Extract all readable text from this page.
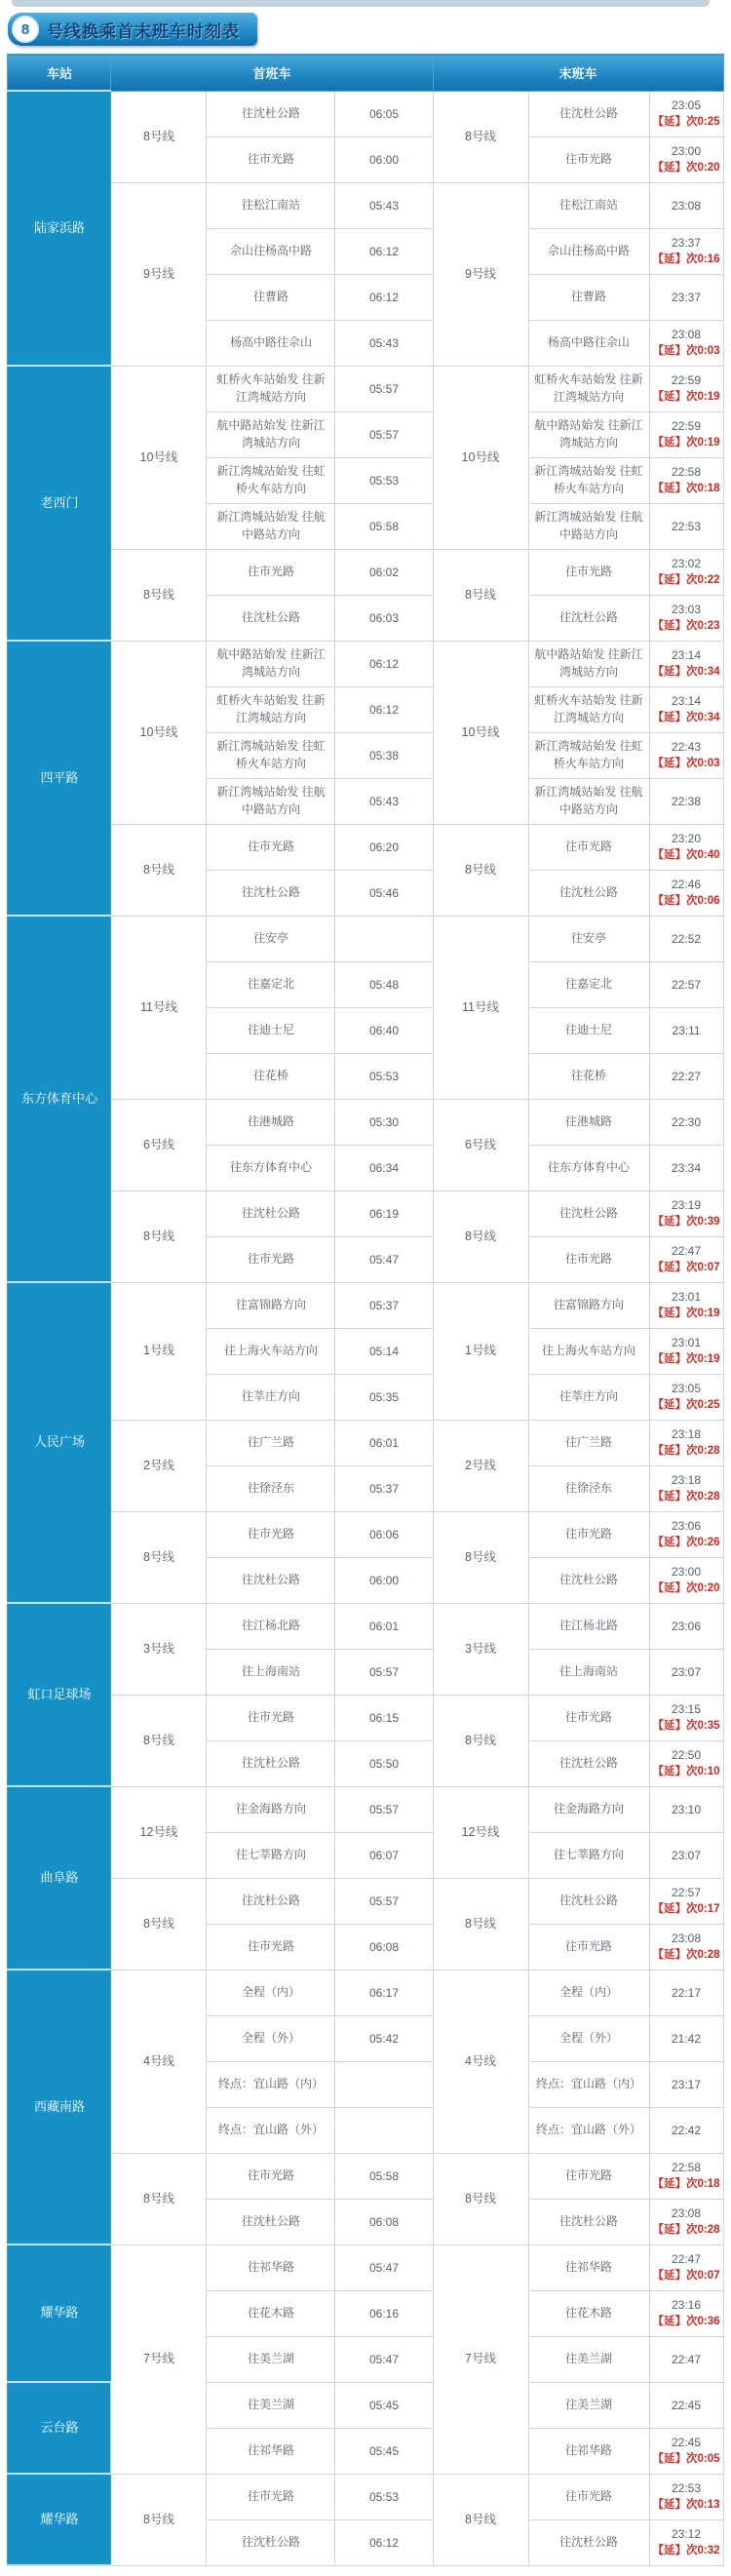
8	号线换乘首末班车时刻表
车站	首班车			末班车		
陆家浜路	8号线	往沈杜公路	06:05	8号线	往沈杜公路	23:05
【延】次0:25

		往市光路	06:00		往市光路	23:00
【延】次0:20

	9号线	往松江南站	05:43	9号线	往松江南站	23:08

		佘山往杨高中路	06:12		佘山往杨高中路	23:37
【延】次0:16

		往曹路	06:12		往曹路	23:37

		杨高中路往佘山	05:43		杨高中路往佘山	23:08
【延】次0:03

老西门	10号线	虹桥火车站始发 往新江湾城站方向	05:57	10号线	虹桥火车站始发 往新江湾城站方向	22:59
【延】次0:19

		航中路站始发 往新江湾城站方向	05:57		航中路站始发 往新江湾城站方向	22:59
【延】次0:19

		新江湾城站始发 往虹桥火车站方向	05:53		新江湾城站始发 往虹桥火车站方向	22:58
【延】次0:18

		新江湾城站始发 往航中路站方向	05:58		新江湾城站始发 往航中路站方向	22:53

	8号线	往市光路	06:02	8号线	往市光路	23:02
【延】次0:22

		往沈杜公路	06:03		往沈杜公路	23:03
【延】次0:23

四平路	10号线	航中路站始发 往新江湾城站方向	06:12	10号线	航中路站始发 往新江湾城站方向	23:14
【延】次0:34

		虹桥火车站始发 往新江湾城站方向	06:12		虹桥火车站始发 往新江湾城站方向	23:14
【延】次0:34

		新江湾城站始发 往虹桥火车站方向	05:38		新江湾城站始发 往虹桥火车站方向	22:43
【延】次0:03

		新江湾城站始发 往航中路站方向	05:43		新江湾城站始发 往航中路站方向	22:38

	8号线	往市光路	06:20	8号线	往市光路	23:20
【延】次0:40

		往沈杜公路	05:46		往沈杜公路	22:46
【延】次0:06

东方体育中心	11号线	往安亭		11号线	往安亭	22:52

		往嘉定北	05:48		往嘉定北	22:57

		往迪士尼	06:40		往迪士尼	23:11

		往花桥	05:53		往花桥	22:27

	6号线	往港城路	05:30	6号线	往港城路	22:30

		往东方体育中心	06:34		往东方体育中心	23:34

	8号线	往沈杜公路	06:19	8号线	往沈杜公路	23:19
【延】次0:39

		往市光路	05:47		往市光路	22:47
【延】次0:07

人民广场	1号线	往富锦路方向	05:37	1号线	往富锦路方向	23:01
【延】次0:19

		往上海火车站方向	05:14		往上海火车站方向	23:01
【延】次0:19

		往莘庄方向	05:35		往莘庄方向	23:05
【延】次0:25

	2号线	往广兰路	06:01	2号线	往广兰路	23:18
【延】次0:28

		往徐泾东	05:37		往徐泾东	23:18
【延】次0:28

	8号线	往市光路	06:06	8号线	往市光路	23:06
【延】次0:26

		往沈杜公路	06:00		往沈杜公路	23:00
【延】次0:20

虹口足球场	3号线	往江杨北路	06:01	3号线	往江杨北路	23:06

		往上海南站	05:57		往上海南站	23:07

	8号线	往市光路	06:15	8号线	往市光路	23:15
【延】次0:35

		往沈杜公路	05:50		往沈杜公路	22:50
【延】次0:10

曲阜路	12号线	往金海路方向	05:57	12号线	往金海路方向	23:10

		往七莘路方向	06:07		往七莘路方向	23:07

	8号线	往沈杜公路	05:57	8号线	往沈杜公路	22:57
【延】次0:17

		往市光路	06:08		往市光路	23:08
【延】次0:28

西藏南路	4号线	全程（内）	06:17	4号线	全程（内）	22:17

		全程（外）	05:42		全程（外）	21:42

		终点：宜山路（内）			终点：宜山路（内）	23:17

		终点：宜山路（外）			终点：宜山路（外）	22:42

	8号线	往市光路	05:58	8号线	往市光路	22:58
【延】次0:18

		往沈杜公路	06:08		往沈杜公路	23:08
【延】次0:28

耀华路	7号线	往祁华路	05:47	7号线	往祁华路	22:47
【延】次0:07

		往花木路	06:16		往花木路	23:16
【延】次0:36

		往美兰湖	05:47		往美兰湖	22:47

云台路		往美兰湖	05:45		往美兰湖	22:45

		往祁华路	05:45		往祁华路	22:45
【延】次0:05

耀华路	8号线	往市光路	05:53	8号线	往市光路	22:53
【延】次0:13

		往沈杜公路	06:12		往沈杜公路	23:12
【延】次0:32
